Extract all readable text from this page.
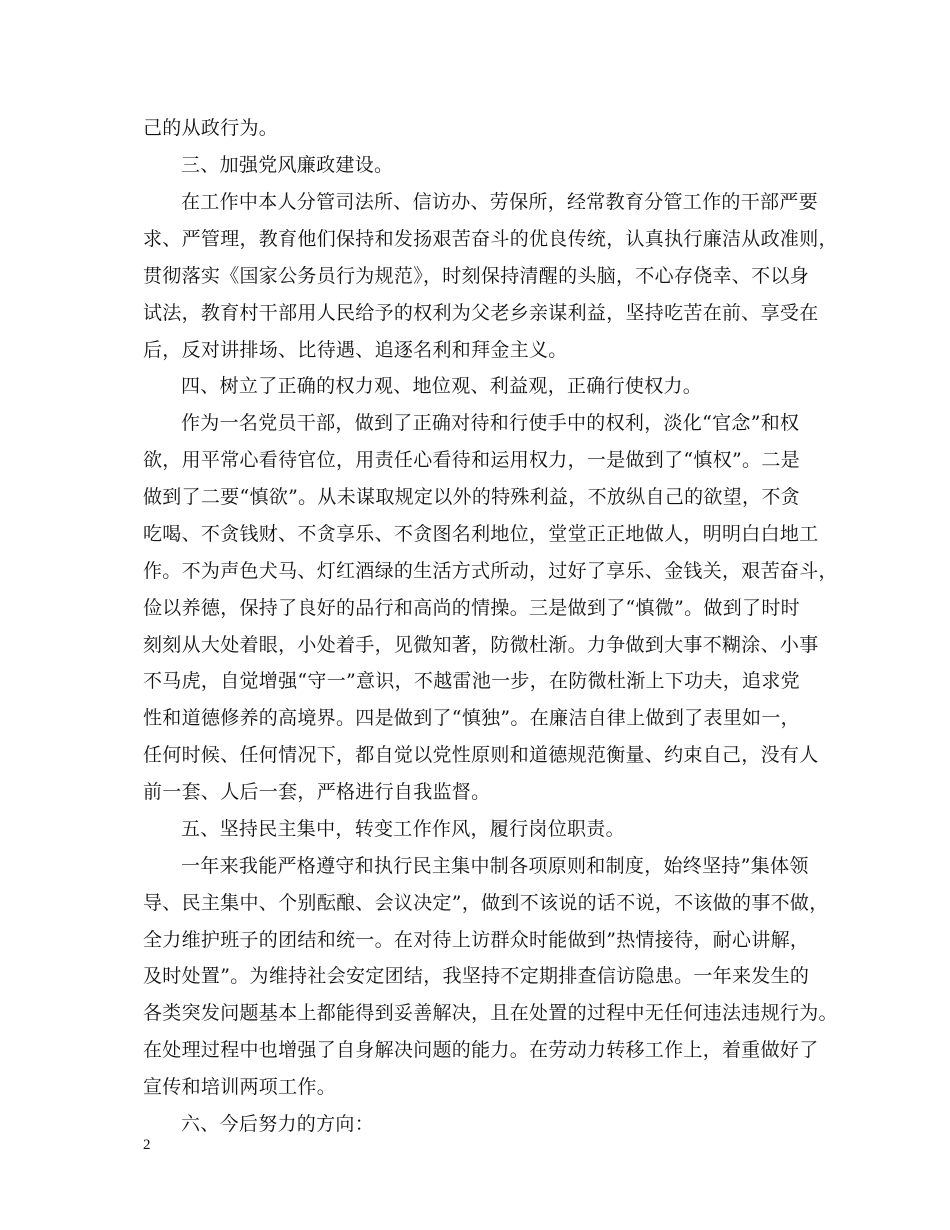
己的从政行为。
三、加强党风廉政建设。
在工作中本人分管司法所、信访办、劳保所，经常教育分管工作的干部严要
求、严管理，教育他们保持和发扬艰苦奋斗的优良传统，认真执行廉洁从政准则，
贯彻落实《国家公务员行为规范》，时刻保持清醒的头脑，不心存侥幸、不以身
试法，教育村干部用人民给予的权利为父老乡亲谋利益，坚持吃苦在前、享受在
后，反对讲排场、比待遇、追逐名利和拜金主义。
四、树立了正确的权力观、地位观、利益观，正确行使权力。
作为一名党员干部，做到了正确对待和行使手中的权利，淡化“官念”和权
欲，用平常心看待官位，用责任心看待和运用权力，一是做到了“慎权”。二是
做到了二要“慎欲”。从未谋取规定以外的特殊利益，不放纵自己的欲望，不贪
吃喝、不贪钱财、不贪享乐、不贪图名利地位，堂堂正正地做人，明明白白地工
作。不为声色犬马、灯红酒绿的生活方式所动，过好了享乐、金钱关，艰苦奋斗，
俭以养德，保持了良好的品行和高尚的情操。三是做到了“慎微”。做到了时时
刻刻从大处着眼，小处着手，见微知著，防微杜渐。力争做到大事不糊涂、小事
不马虎，自觉增强“守一”意识，不越雷池一步，在防微杜渐上下功夫，追求党
性和道德修养的高境界。四是做到了“慎独”。在廉洁自律上做到了表里如一，
任何时候、任何情况下，都自觉以党性原则和道德规范衡量、约束自己，没有人
前一套、人后一套，严格进行自我监督。
五、坚持民主集中，转变工作作风，履行岗位职责。
一年来我能严格遵守和执行民主集中制各项原则和制度，始终坚持”集体领
导、民主集中、个别酝酿、会议决定”，做到不该说的话不说，不该做的事不做，
全力维护班子的团结和统一。在对待上访群众时能做到”热情接待，耐心讲解，
及时处置”。为维持社会安定团结，我坚持不定期排查信访隐患。一年来发生的
各类突发问题基本上都能得到妥善解决，且在处置的过程中无任何违法违规行为。
在处理过程中也增强了自身解决问题的能力。在劳动力转移工作上，着重做好了
宣传和培训两项工作。
六、今后努力的方向：
2
